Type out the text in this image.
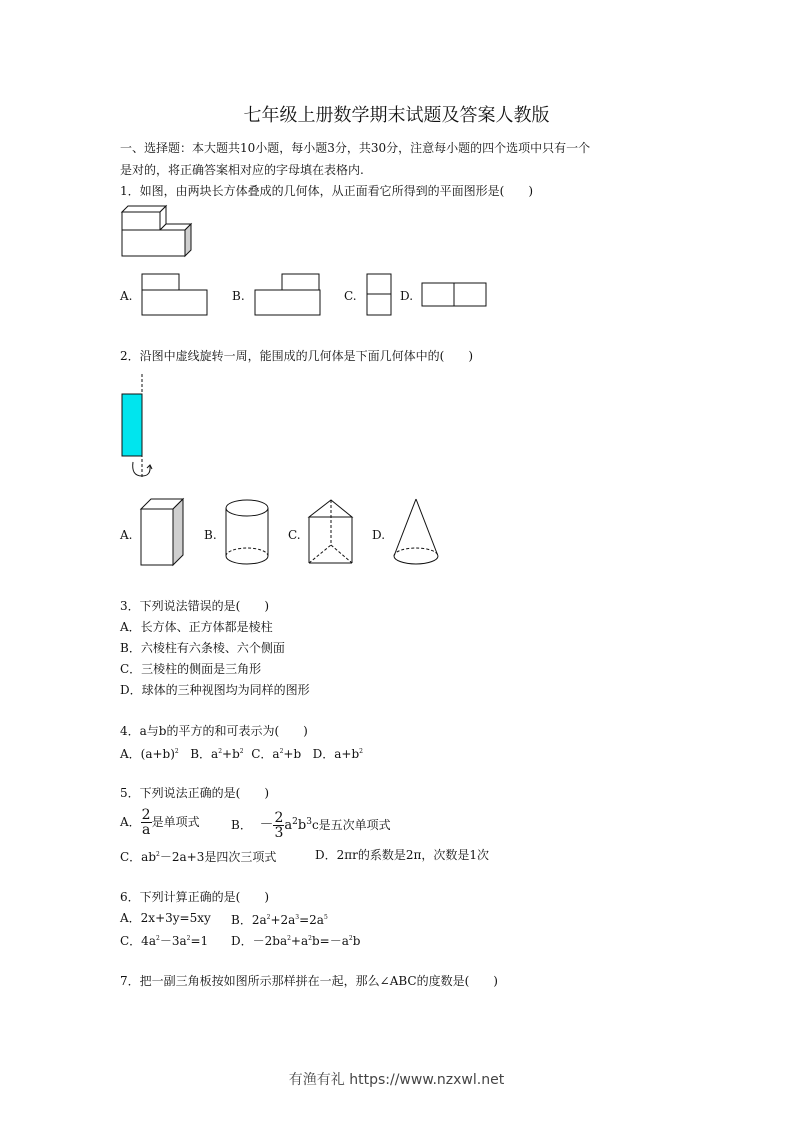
七年级上册数学期末试题及答案人教版
一、选择题：本大题共10小题，每小题3分，共30分，注意每小题的四个选项中只有一个
是对的，将正确答案相对应的字母填在表格内.
1．如图，由两块长方体叠成的几何体，从正面看它所得到的平面图形是(　　)
A.	B.	C.	D.
2．沿图中虚线旋转一周，能围成的几何体是下面几何体中的(　　)
A.	B.	C.	D.
3．下列说法错误的是(　　)
A．长方体、正方体都是棱柱
B．六棱柱有六条棱、六个侧面
C．三棱柱的侧面是三角形
D．球体的三种视图均为同样的图形
4．a与b的平方的和可表示为(　　)
A．$(a+b)^2$ B．$a^2+b^2$ C．$a^2+b$ D．$a+b^2$
5．下列说法正确的是(　　)
A． $\frac{2}{a}$ 是单项式	B． － $\frac{2}{3} a^2b^3c$是五次单项式
C．$ab^2-2a+3$是四次三项式	D．2πr的系数是2π，次数是1次
6．下列计算正确的是(　　)
A．2x+3y=5xy B．$2a^2+2a^3=2a^5$
C．$4a^2-3a^2=1$ D．$-2ba^2+a^2b=-a^2b$
7．把一副三角板按如图所示那样拼在一起，那么∠ABC的度数是(　　)
有渔有礼 https://www.nzxwl.net
